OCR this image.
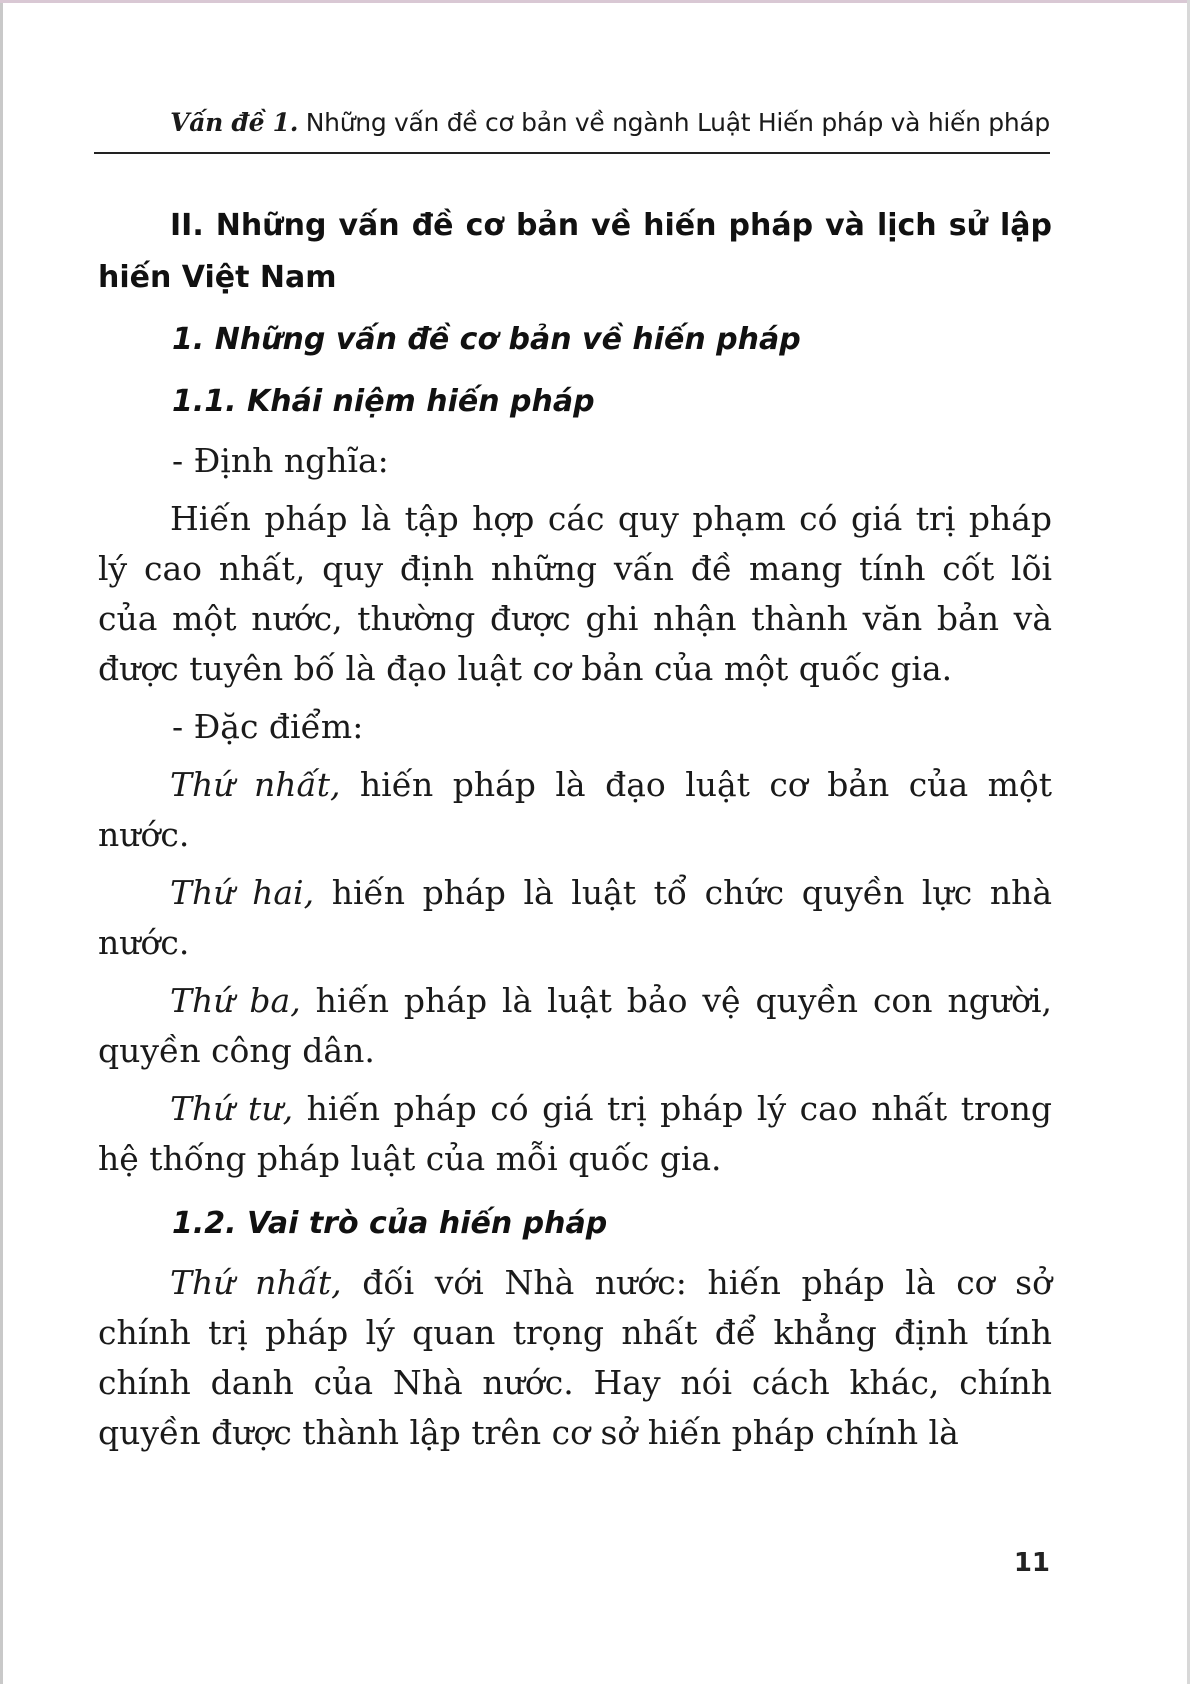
Vấn đề 1. Những vấn đề cơ bản về ngành Luật Hiến pháp và hiến pháp
II. Những vấn đề cơ bản về hiến pháp và lịch sử lập hiến Việt Nam
1. Những vấn đề cơ bản về hiến pháp
1.1. Khái niệm hiến pháp

- Định nghĩa:

Hiến pháp là tập hợp các quy phạm có giá trị pháp lý cao nhất, quy định những vấn đề mang tính cốt lõi của một nước, thường được ghi nhận thành văn bản và được tuyên bố là đạo luật cơ bản của một quốc gia.

- Đặc điểm:

Thứ nhất, hiến pháp là đạo luật cơ bản của một nước.

Thứ hai, hiến pháp là luật tổ chức quyền lực nhà nước.

Thứ ba, hiến pháp là luật bảo vệ quyền con người, quyền công dân.

Thứ tư, hiến pháp có giá trị pháp lý cao nhất trong hệ thống pháp luật của mỗi quốc gia.

1.2. Vai trò của hiến pháp

Thứ nhất, đối với Nhà nước: hiến pháp là cơ sở chính trị pháp lý quan trọng nhất để khẳng định tính chính danh của Nhà nước. Hay nói cách khác, chính quyền được thành lập trên cơ sở hiến pháp chính là

11
